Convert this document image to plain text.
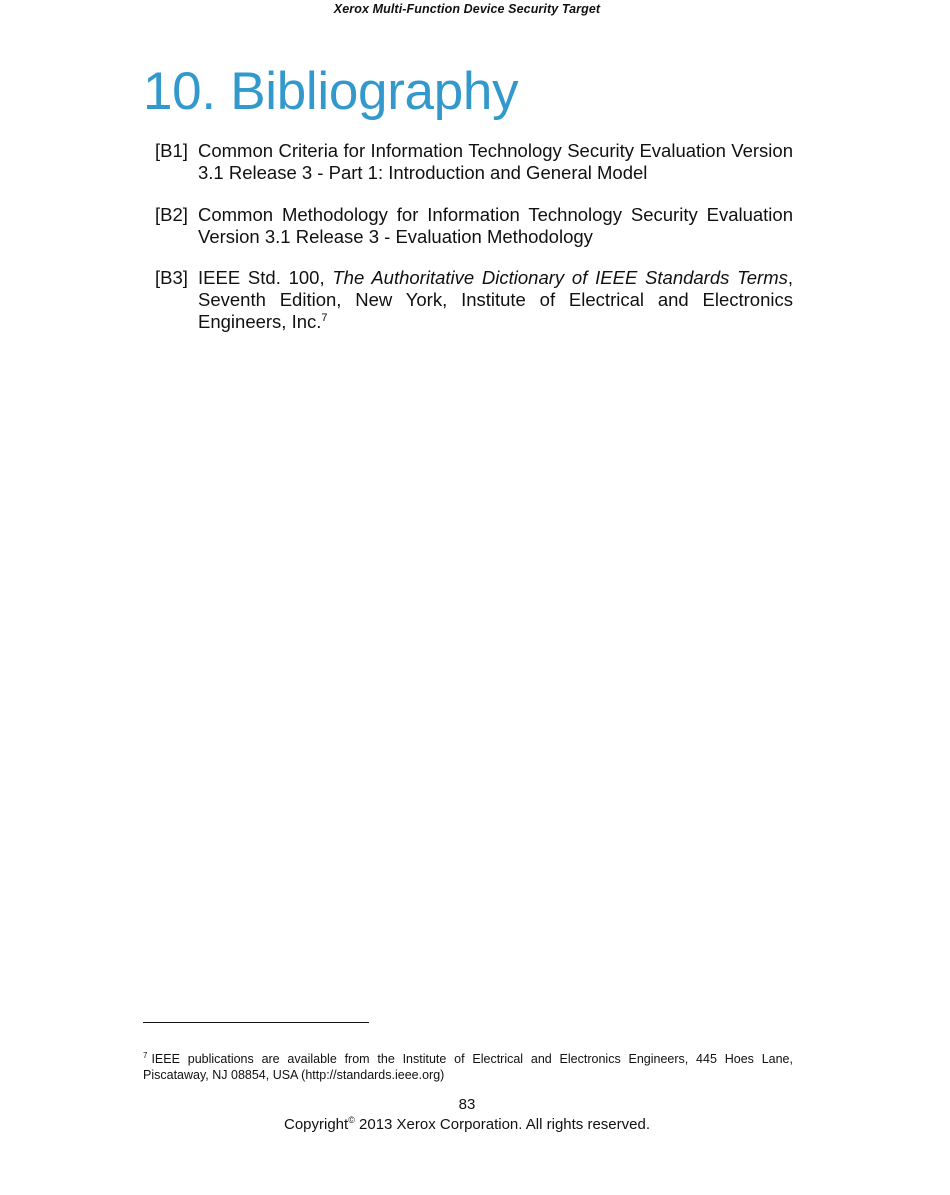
Xerox Multi-Function Device Security Target
10. Bibliography
[B1] Common Criteria for Information Technology Security Evaluation Version 3.1 Release 3 - Part 1: Introduction and General Model
[B2] Common Methodology for Information Technology Security Evaluation Version 3.1 Release 3 - Evaluation Methodology
[B3] IEEE Std. 100, The Authoritative Dictionary of IEEE Standards Terms, Seventh Edition, New York, Institute of Electrical and Electronics Engineers, Inc.$^7$

$^7$ IEEE publications are available from the Institute of Electrical and Electronics Engineers, 445 Hoes Lane, Piscataway, NJ 08854, USA (http://standards.ieee.org)

83
Copyright© 2013 Xerox Corporation. All rights reserved.
